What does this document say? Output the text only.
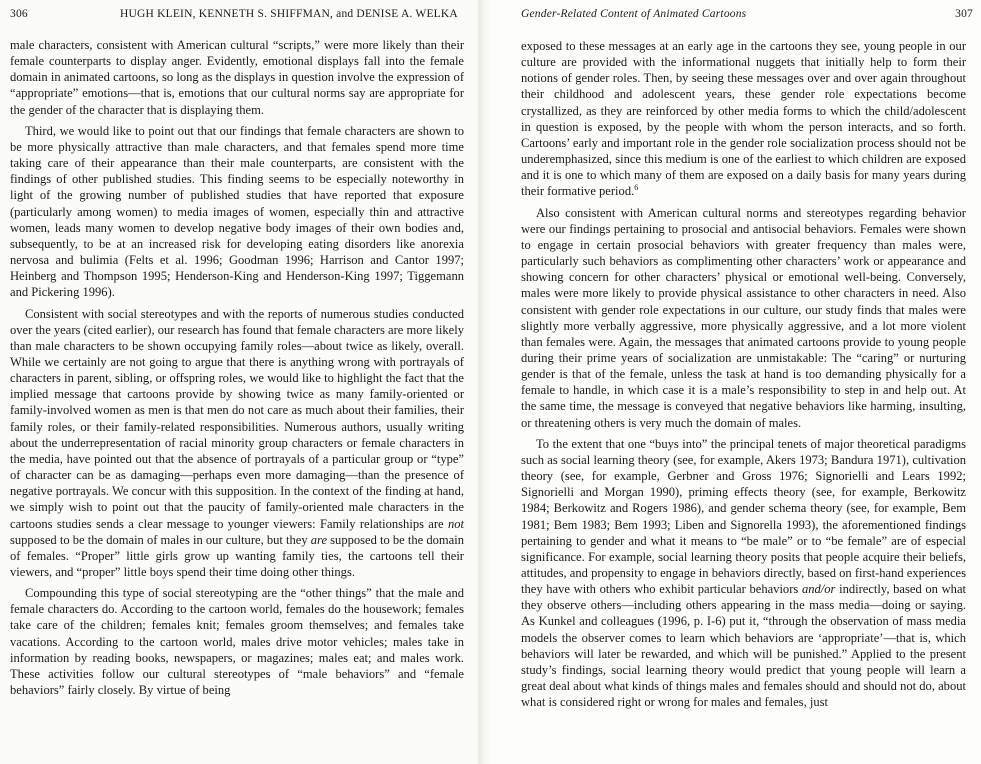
306	HUGH KLEIN, KENNETH S. SHIFFMAN, and DENISE A. WELKA

male characters, consistent with American cultural “scripts,” were more likely than their female counterparts to display anger. Evidently, emotional displays fall into the female domain in animated cartoons, so long as the displays in question involve the expression of “appropriate” emotions—that is, emotions that our cultural norms say are appropriate for the gender of the character that is displaying them.

Third, we would like to point out that our findings that female characters are shown to be more physically attractive than male characters, and that females spend more time taking care of their appearance than their male counterparts, are consistent with the findings of other published studies. This finding seems to be especially noteworthy in light of the growing number of published studies that have reported that exposure (particularly among women) to media images of women, especially thin and attractive women, leads many women to develop negative body images of their own bodies and, subsequently, to be at an increased risk for developing eating disorders like anorexia nervosa and bulimia (Felts et al. 1996; Goodman 1996; Harrison and Cantor 1997; Heinberg and Thompson 1995; Henderson-King and Henderson-King 1997; Tiggemann and Pickering 1996).

Consistent with social stereotypes and with the reports of numerous studies conducted over the years (cited earlier), our research has found that female characters are more likely than male characters to be shown occupying family roles—about twice as likely, overall. While we certainly are not going to argue that there is anything wrong with portrayals of characters in parent, sibling, or offspring roles, we would like to highlight the fact that the implied message that cartoons provide by showing twice as many family-oriented or family-involved women as men is that men do not care as much about their families, their family roles, or their family-related responsibilities. Numerous authors, usually writing about the underrepresentation of racial minority group characters or female characters in the media, have pointed out that the absence of portrayals of a particular group or “type” of character can be as damaging—perhaps even more damaging—than the presence of negative portrayals. We concur with this supposition. In the context of the finding at hand, we simply wish to point out that the paucity of family-oriented male characters in the cartoons studies sends a clear message to younger viewers: Family relationships are not supposed to be the domain of males in our culture, but they are supposed to be the domain of females. “Proper” little girls grow up wanting family ties, the cartoons tell their viewers, and “proper” little boys spend their time doing other things.

Compounding this type of social stereotyping are the “other things” that the male and female characters do. According to the cartoon world, females do the housework; females take care of the children; females knit; females groom themselves; and females take vacations. According to the cartoon world, males drive motor vehicles; males take in information by reading books, newspapers, or magazines; males eat; and males work. These activities follow our cultural stereotypes of “male behaviors” and “female behaviors” fairly closely. By virtue of being

Gender-Related Content of Animated Cartoons	307

exposed to these messages at an early age in the cartoons they see, young people in our culture are provided with the informational nuggets that initially help to form their notions of gender roles. Then, by seeing these messages over and over again throughout their childhood and adolescent years, these gender role expectations become crystallized, as they are reinforced by other media forms to which the child/adolescent in question is exposed, by the people with whom the person interacts, and so forth. Cartoons’ early and important role in the gender role socialization process should not be underemphasized, since this medium is one of the earliest to which children are exposed and it is one to which many of them are exposed on a daily basis for many years during their formative period.$^6$

Also consistent with American cultural norms and stereotypes regarding behavior were our findings pertaining to prosocial and antisocial behaviors. Females were shown to engage in certain prosocial behaviors with greater frequency than males were, particularly such behaviors as complimenting other characters’ work or appearance and showing concern for other characters’ physical or emotional well-being. Conversely, males were more likely to provide physical assistance to other characters in need. Also consistent with gender role expectations in our culture, our study finds that males were slightly more verbally aggressive, more physically aggressive, and a lot more violent than females were. Again, the messages that animated cartoons provide to young people during their prime years of socialization are unmistakable: The “caring” or nurturing gender is that of the female, unless the task at hand is too demanding physically for a female to handle, in which case it is a male’s responsibility to step in and help out. At the same time, the message is conveyed that negative behaviors like harming, insulting, or threatening others is very much the domain of males.

To the extent that one “buys into” the principal tenets of major theoretical paradigms such as social learning theory (see, for example, Akers 1973; Bandura 1971), cultivation theory (see, for example, Gerbner and Gross 1976; Signorielli and Lears 1992; Signorielli and Morgan 1990), priming effects theory (see, for example, Berkowitz 1984; Berkowitz and Rogers 1986), and gender schema theory (see, for example, Bem 1981; Bem 1983; Bem 1993; Liben and Signorella 1993), the aforementioned findings pertaining to gender and what it means to “be male” or to “be female” are of especial significance. For example, social learning theory posits that people acquire their beliefs, attitudes, and propensity to engage in behaviors directly, based on first-hand experiences they have with others who exhibit particular behaviors and/or indirectly, based on what they observe others—including others appearing in the mass media—doing or saying. As Kunkel and colleagues (1996, p. I-6) put it, “through the observation of mass media models the observer comes to learn which behaviors are ‘appropriate’—that is, which behaviors will later be rewarded, and which will be punished.” Applied to the present study’s findings, social learning theory would predict that young people will learn a great deal about what kinds of things males and females should and should not do, about what is considered right or wrong for males and females, just
